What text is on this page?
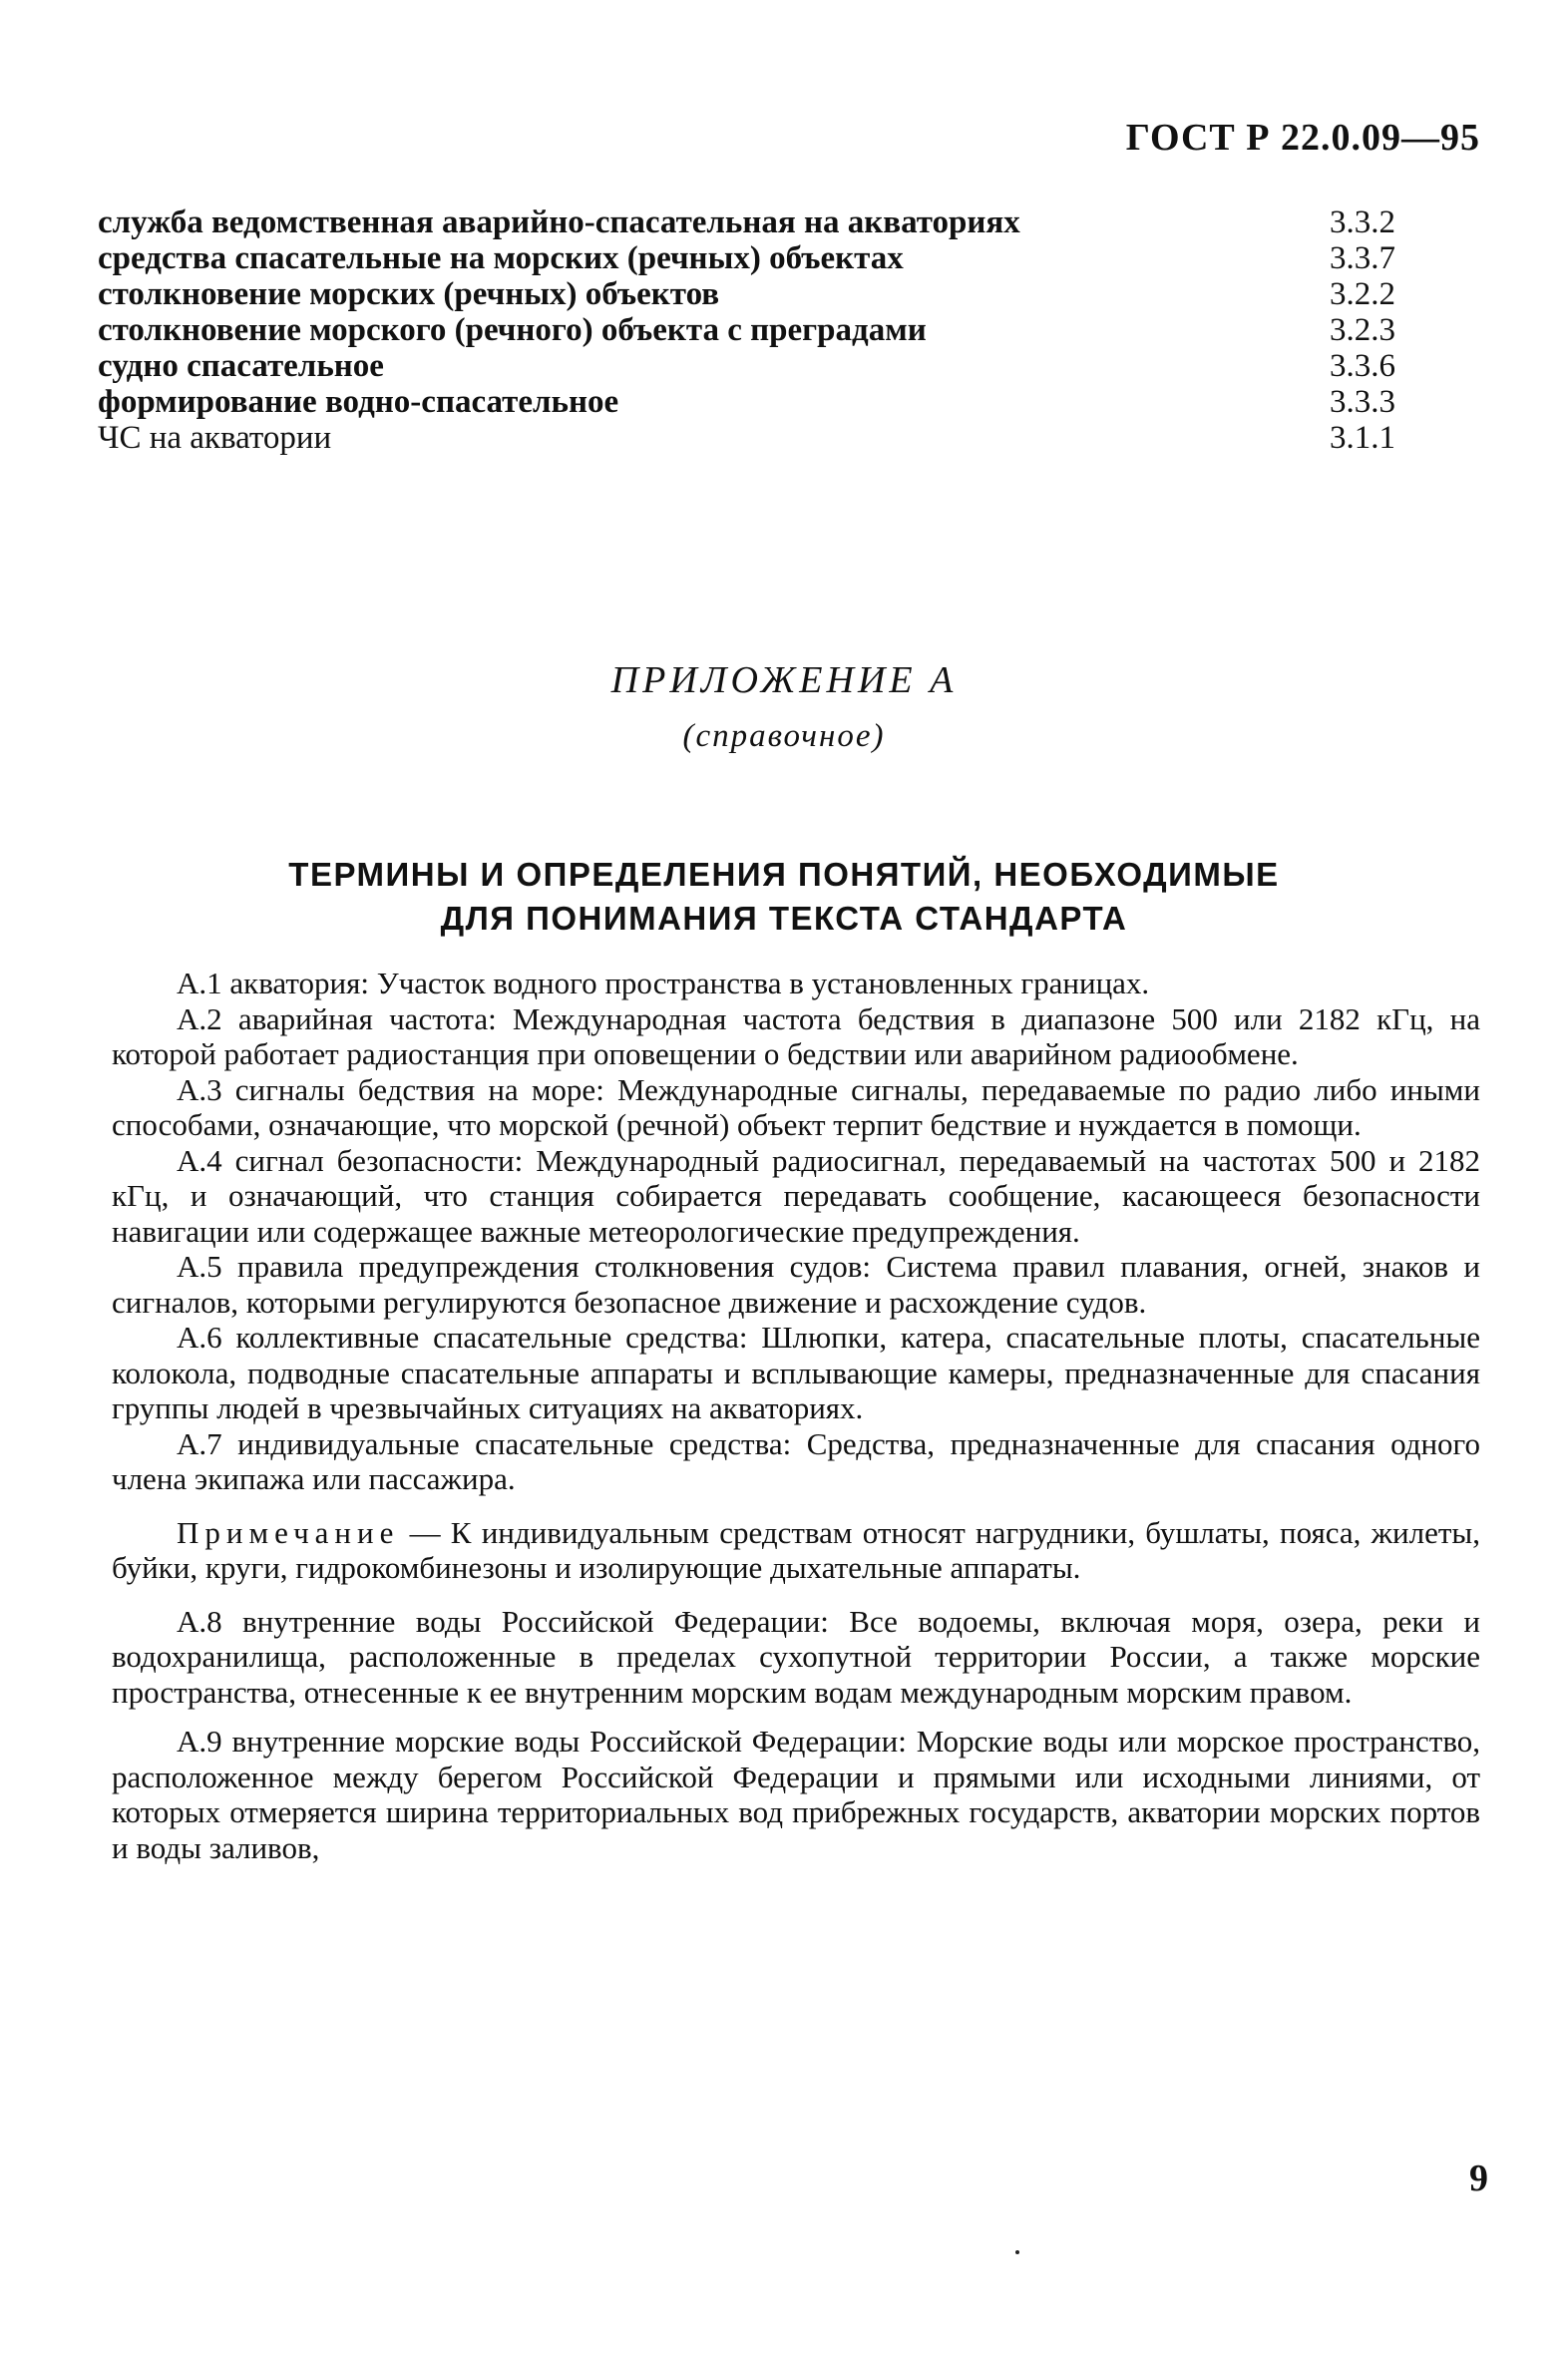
ГОСТ Р 22.0.09—95
служба ведомственная аварийно-спасательная на акваториях	3.3.2
средства спасательные на морских (речных) объектах	3.3.7
столкновение морских (речных) объектов	3.2.2
столкновение морского (речного) объекта с преградами	3.2.3
судно спасательное	3.3.6
формирование водно-спасательное	3.3.3
ЧС на акватории	3.1.1
ПРИЛОЖЕНИЕ А
(справочное)
ТЕРМИНЫ И ОПРЕДЕЛЕНИЯ ПОНЯТИЙ, НЕОБХОДИМЫЕ
ДЛЯ ПОНИМАНИЯ ТЕКСТА СТАНДАРТА

А.1 акватория: Участок водного пространства в установленных границах.

А.2 аварийная частота: Международная частота бедствия в диапазоне 500 или 2182 кГц, на которой работает радиостанция при оповещении о бедствии или аварийном радиообмене.

А.3 сигналы бедствия на море: Международные сигналы, передаваемые по радио либо иными способами, означающие, что морской (речной) объект терпит бедствие и нуждается в помощи.

А.4 сигнал безопасности: Международный радиосигнал, передаваемый на частотах 500 и 2182 кГц, и означающий, что станция собирается передавать сообщение, касающееся безопасности навигации или содержащее важные метеорологические предупреждения.

А.5 правила предупреждения столкновения судов: Система правил плавания, огней, знаков и сигналов, которыми регулируются безопасное движение и расхождение судов.

А.6 коллективные спасательные средства: Шлюпки, катера, спасательные плоты, спасательные колокола, подводные спасательные аппараты и всплывающие камеры, предназначенные для спасания группы людей в чрезвычайных ситуациях на акваториях.

А.7 индивидуальные спасательные средства: Средства, предназначенные для спасания одного члена экипажа или пассажира.

Примечание — К индивидуальным средствам относят нагрудники, бушлаты, пояса, жилеты, буйки, круги, гидрокомбинезоны и изолирующие дыхательные аппараты.

А.8 внутренние воды Российской Федерации: Все водоемы, включая моря, озера, реки и водохранилища, расположенные в пределах сухопутной территории России, а также морские пространства, отнесенные к ее внутренним морским водам международным морским правом.

А.9 внутренние морские воды Российской Федерации: Морские воды или морское пространство, расположенное между берегом Российской Федерации и прямыми или исходными линиями, от которых отмеряется ширина территориальных вод прибрежных государств, акватории морских портов и воды заливов,

9
